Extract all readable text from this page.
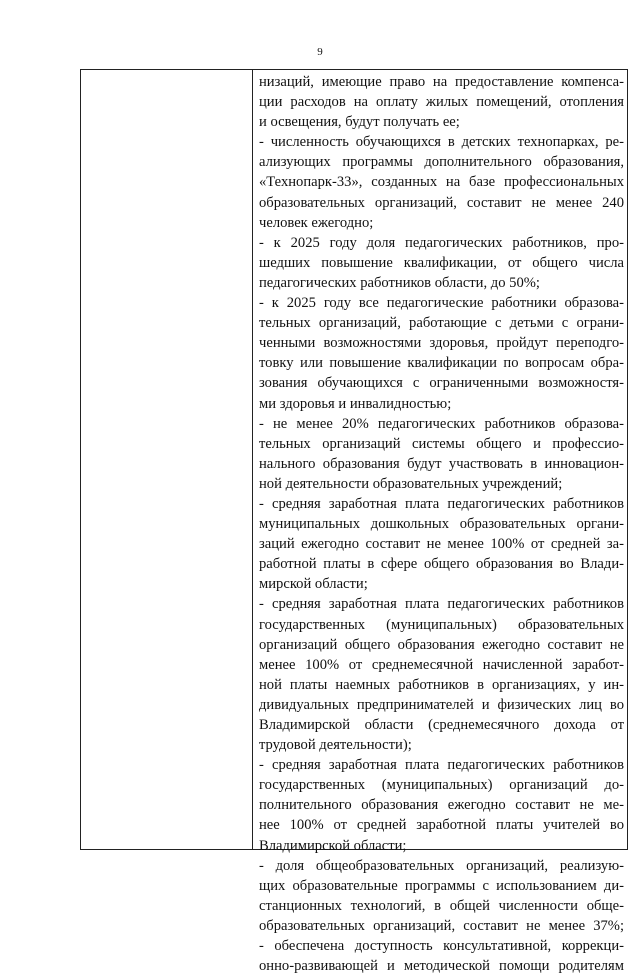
9
низаций, имеющие право на предоставление компенса-
ции расходов на оплату жилых помещений, отопления
и освещения, будут получать ее;
- численность обучающихся в детских технопарках, ре-
ализующих программы дополнительного образования,
«Технопарк-33», созданных на базе профессиональных
образовательных организаций, составит не менее 240
человек ежегодно;
- к 2025 году доля педагогических работников, про-
шедших повышение квалификации, от общего числа
педагогических работников области, до 50%;
- к 2025 году все педагогические работники образова-
тельных организаций, работающие с детьми с ограни-
ченными возможностями здоровья, пройдут переподго-
товку или повышение квалификации по вопросам обра-
зования обучающихся с ограниченными возможностя-
ми здоровья и инвалидностью;
- не менее 20% педагогических работников образова-
тельных организаций системы общего и профессио-
нального образования будут участвовать в инновацион-
ной деятельности образовательных учреждений;
- средняя заработная плата педагогических работников
муниципальных дошкольных образовательных органи-
заций ежегодно составит не менее 100% от средней за-
работной платы в сфере общего образования во Влади-
мирской области;
- средняя заработная плата педагогических работников
государственных (муниципальных) образовательных
организаций общего образования ежегодно составит не
менее 100% от среднемесячной начисленной заработ-
ной платы наемных работников в организациях, у ин-
дивидуальных предпринимателей и физических лиц во
Владимирской области (среднемесячного дохода от
трудовой деятельности);
- средняя заработная плата педагогических работников
государственных (муниципальных) организаций до-
полнительного образования ежегодно составит не ме-
нее 100% от средней заработной платы учителей во
Владимирской области;
- доля общеобразовательных организаций, реализую-
щих образовательные программы с использованием ди-
станционных технологий, в общей численности обще-
образовательных организаций, составит не менее 37%;
- обеспечена доступность консультативной, коррекци-
онно-развивающей и методической помощи родителям
